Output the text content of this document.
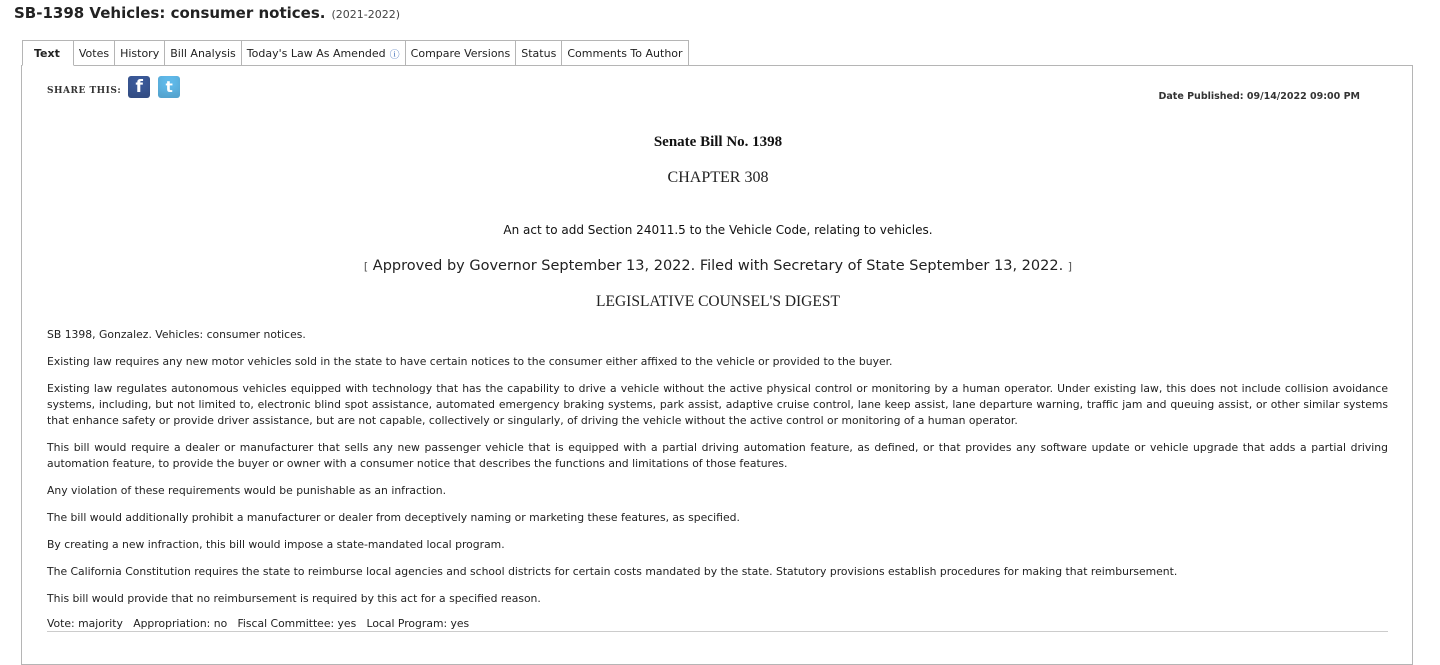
SB-1398 Vehicles: consumer notices. (2021-2022)
Text Votes History Bill Analysis Today's Law As Amended ⓘ Compare Versions Status Comments To Author
SHARE THIS: f	t
Date Published: 09/14/2022 09:00 PM
Senate Bill No. 1398
CHAPTER 308
An act to add Section 24011.5 to the Vehicle Code, relating to vehicles.
[ Approved by Governor September 13, 2022. Filed with Secretary of State September 13, 2022. ]
LEGISLATIVE COUNSEL'S DIGEST

SB 1398, Gonzalez. Vehicles: consumer notices.

Existing law requires any new motor vehicles sold in the state to have certain notices to the consumer either affixed to the vehicle or provided to the buyer.

Existing law regulates autonomous vehicles equipped with technology that has the capability to drive a vehicle without the active physical control or monitoring by a human operator. Under existing law, this does not include collision avoidance systems, including, but not limited to, electronic blind spot assistance, automated emergency braking systems, park assist, adaptive cruise control, lane keep assist, lane departure warning, traffic jam and queuing assist, or other similar systems that enhance safety or provide driver assistance, but are not capable, collectively or singularly, of driving the vehicle without the active control or monitoring of a human operator.

This bill would require a dealer or manufacturer that sells any new passenger vehicle that is equipped with a partial driving automation feature, as defined, or that provides any software update or vehicle upgrade that adds a partial driving automation feature, to provide the buyer or owner with a consumer notice that describes the functions and limitations of those features.

Any violation of these requirements would be punishable as an infraction.

The bill would additionally prohibit a manufacturer or dealer from deceptively naming or marketing these features, as specified.

By creating a new infraction, this bill would impose a state-mandated local program.

The California Constitution requires the state to reimburse local agencies and school districts for certain costs mandated by the state. Statutory provisions establish procedures for making that reimbursement.

This bill would provide that no reimbursement is required by this act for a specified reason.

Vote: majority   Appropriation: no   Fiscal Committee: yes   Local Program: yes
